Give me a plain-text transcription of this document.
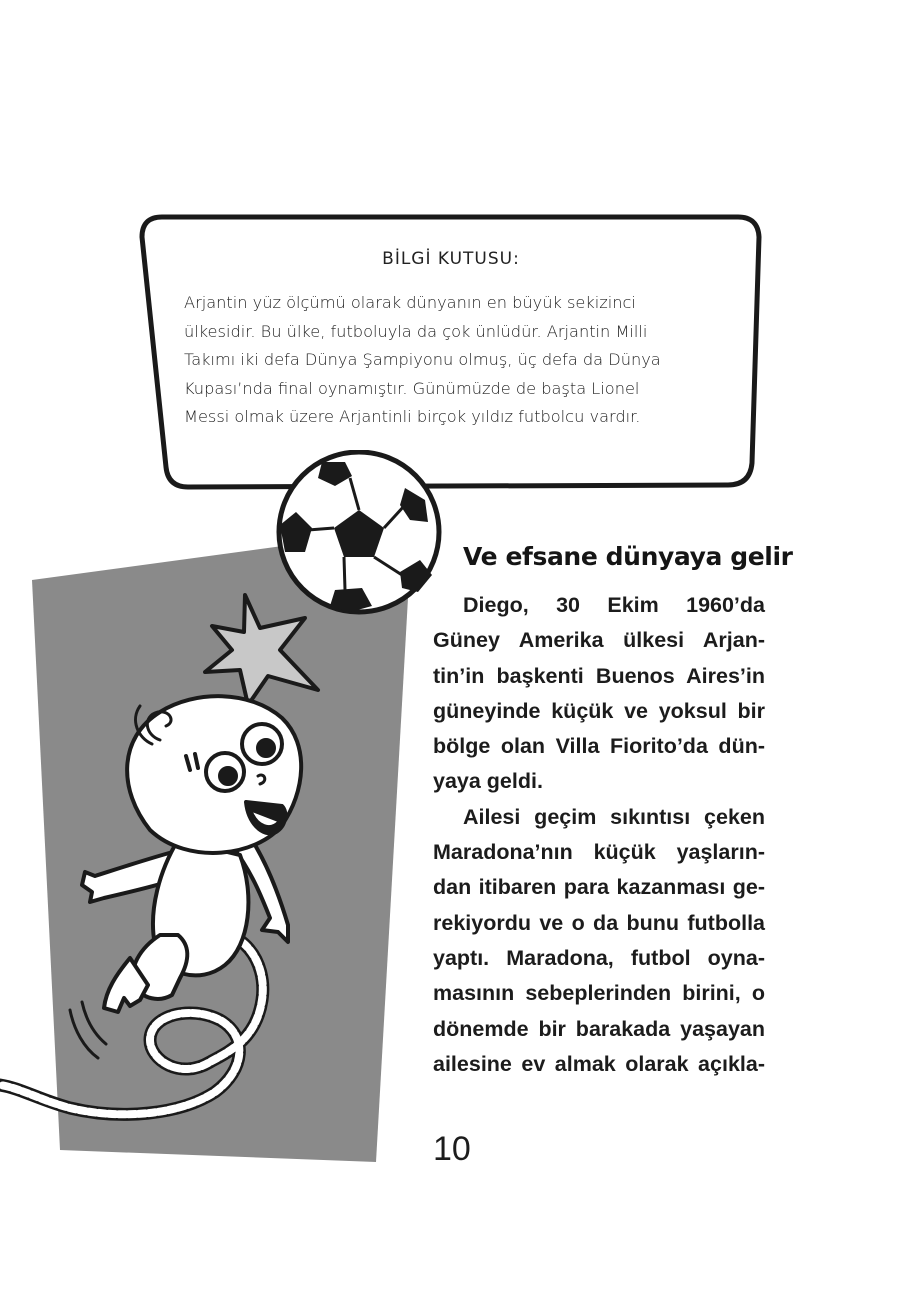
BİLGİ KUTUSU:
Arjantin yüz ölçümü olarak dünyanın en büyük sekizinci
ülkesidir. Bu ülke, futboluyla da çok ünlüdür. Arjantin Milli
Takımı iki defa Dünya Şampiyonu olmuş, üç defa da Dünya
Kupası’nda final oynamıştır. Günümüzde de başta Lionel
Messi olmak üzere Arjantinli birçok yıldız futbolcu vardır.
Ve efsane dünyaya gelir
Diego, 30 Ekim 1960’da
Güney Amerika ülkesi Arjan-
tin’in başkenti Buenos Aires’in
güneyinde küçük ve yoksul bir
bölge olan Villa Fiorito’da dün-
yaya geldi.
Ailesi geçim sıkıntısı çeken
Maradona’nın küçük yaşların-
dan itibaren para kazanması ge-
rekiyordu ve o da bunu futbolla
yaptı. Maradona, futbol oyna-
masının sebeplerinden birini, o
dönemde bir barakada yaşayan
ailesine ev almak olarak açıkla-
10
